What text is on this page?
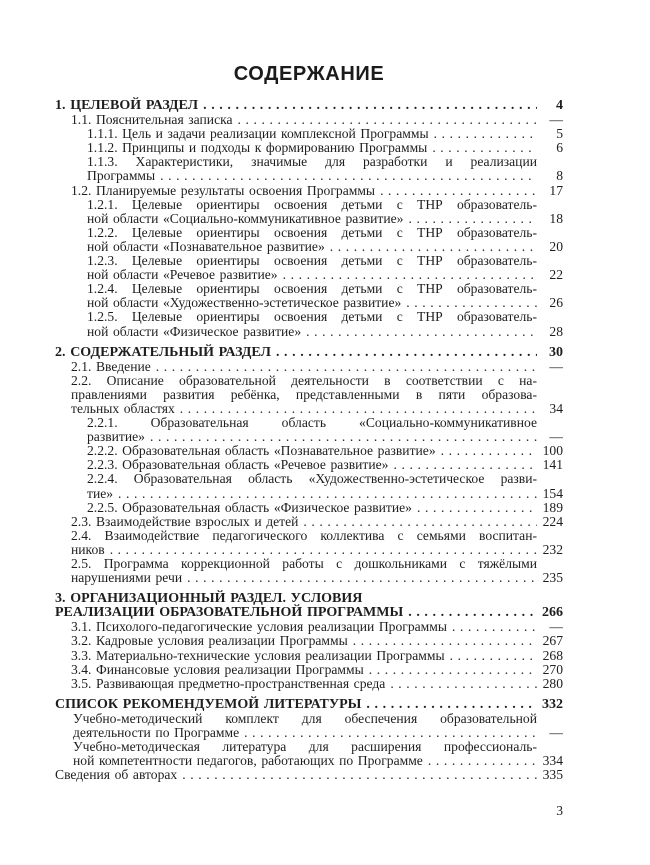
СОДЕРЖАНИЕ
1. ЦЕЛЕВОЙ РАЗДЕЛ .....	4
1.1. Пояснительная записка .....	—
1.1.1. Цель и задачи реализации комплексной Программы .....	5
1.1.2. Принципы и подходы к формированию Программы .....	6
1.1.3. Характеристики, значимые для разработки и реализации
Программы .....	8
1.2. Планируемые результаты освоения Программы .....	17
1.2.1. Целевые ориентиры освоения детьми с ТНР образователь-
ной области «Социально-коммуникативное развитие» .....	18
1.2.2. Целевые ориентиры освоения детьми с ТНР образователь-
ной области «Познавательное развитие» .....	20
1.2.3. Целевые ориентиры освоения детьми с ТНР образователь-
ной области «Речевое развитие» .....	22
1.2.4. Целевые ориентиры освоения детьми с ТНР образователь-
ной области «Художественно-эстетическое развитие» .....	26
1.2.5. Целевые ориентиры освоения детьми с ТНР образователь-
ной области «Физическое развитие» .....	28
2. СОДЕРЖАТЕЛЬНЫЙ РАЗДЕЛ .....	30
2.1. Введение .....	—
2.2. Описание образовательной деятельности в соответствии с на-
правлениями развития ребёнка, представленными в пяти образова-
тельных областях .....	34
2.2.1. Образовательная область «Социально-коммуникативное
развитие» .....	—
2.2.2. Образовательная область «Познавательное развитие» .....	100
2.2.3. Образовательная область «Речевое развитие» .....	141
2.2.4. Образовательная область «Художественно-эстетическое разви-
тие» .....	154
2.2.5. Образовательная область «Физическое развитие» .....	189
2.3. Взаимодействие взрослых и детей .....	224
2.4. Взаимодействие педагогического коллектива с семьями воспитан-
ников .....	232
2.5. Программа коррекционной работы с дошкольниками с тяжёлыми
нарушениями речи .....	235
3. ОРГАНИЗАЦИОННЫЙ РАЗДЕЛ. УСЛОВИЯ
РЕАЛИЗАЦИИ ОБРАЗОВАТЕЛЬНОЙ ПРОГРАММЫ .....	266
3.1. Психолого-педагогические условия реализации Программы .....	—
3.2. Кадровые условия реализации Программы .....	267
3.3. Материально-технические условия реализации Программы .....	268
3.4. Финансовые условия реализации Программы .....	270
3.5. Развивающая предметно-пространственная среда .....	280
СПИСОК РЕКОМЕНДУЕМОЙ ЛИТЕРАТУРЫ .....	332
Учебно-методический комплект для обеспечения образовательной
деятельности по Программе .....	—
Учебно-методическая литература для расширения профессиональ-
ной компетентности педагогов, работающих по Программе .....	334
Сведения об авторах .....	335
3
